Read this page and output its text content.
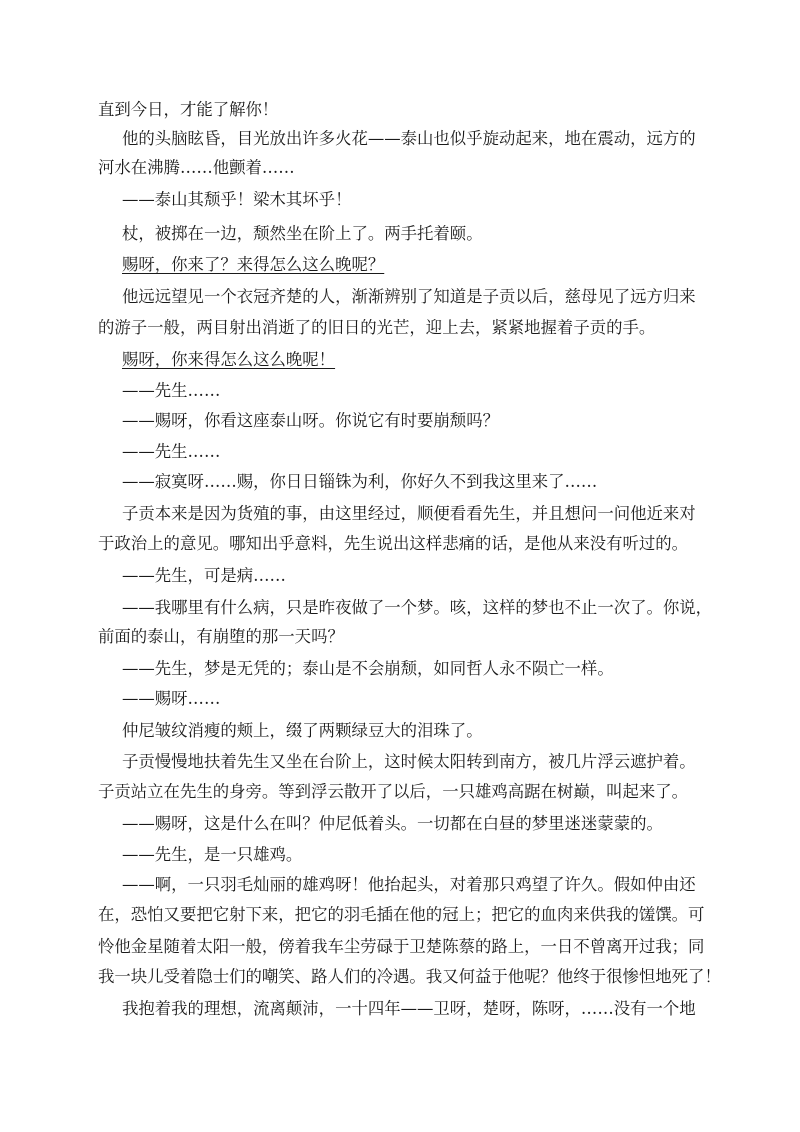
直到今日，才能了解你！
他的头脑眩昏，目光放出许多火花——泰山也似乎旋动起来，地在震动，远方的
河水在沸腾……他颤着……
——泰山其颓乎！梁木其坏乎！
杖，被掷在一边，颓然坐在阶上了。两手托着颐。
赐呀，你来了？来得怎么这么晚呢？
他远远望见一个衣冠齐楚的人，渐渐辨别了知道是子贡以后，慈母见了远方归来
的游子一般，两目射出消逝了的旧日的光芒，迎上去，紧紧地握着子贡的手。
赐呀，你来得怎么这么晚呢！
——先生……
——赐呀，你看这座泰山呀。你说它有时要崩颓吗？
——先生……
——寂寞呀……赐，你日日锱铢为利，你好久不到我这里来了……
子贡本来是因为货殖的事，由这里经过，顺便看看先生，并且想问一问他近来对
于政治上的意见。哪知出乎意料，先生说出这样悲痛的话，是他从来没有听过的。
——先生，可是病……
——我哪里有什么病，只是昨夜做了一个梦。咳，这样的梦也不止一次了。你说，
前面的泰山，有崩堕的那一天吗？
——先生，梦是无凭的；泰山是不会崩颓，如同哲人永不陨亡一样。
——赐呀……
仲尼皱纹消瘦的颊上，缀了两颗绿豆大的泪珠了。
子贡慢慢地扶着先生又坐在台阶上，这时候太阳转到南方，被几片浮云遮护着。
子贡站立在先生的身旁。等到浮云散开了以后，一只雄鸡高踞在树巅，叫起来了。
——赐呀，这是什么在叫？仲尼低着头。一切都在白昼的梦里迷迷蒙蒙的。
——先生，是一只雄鸡。
——啊，一只羽毛灿丽的雄鸡呀！他抬起头，对着那只鸡望了许久。假如仲由还
在，恐怕又要把它射下来，把它的羽毛插在他的冠上；把它的血肉来供我的馐馔。可
怜他金星随着太阳一般，傍着我车尘劳碌于卫楚陈蔡的路上，一日不曾离开过我；同
我一块儿受着隐士们的嘲笑、路人们的冷遇。我又何益于他呢？他终于很惨怛地死了！
我抱着我的理想，流离颠沛，一十四年——卫呀，楚呀，陈呀，……没有一个地
